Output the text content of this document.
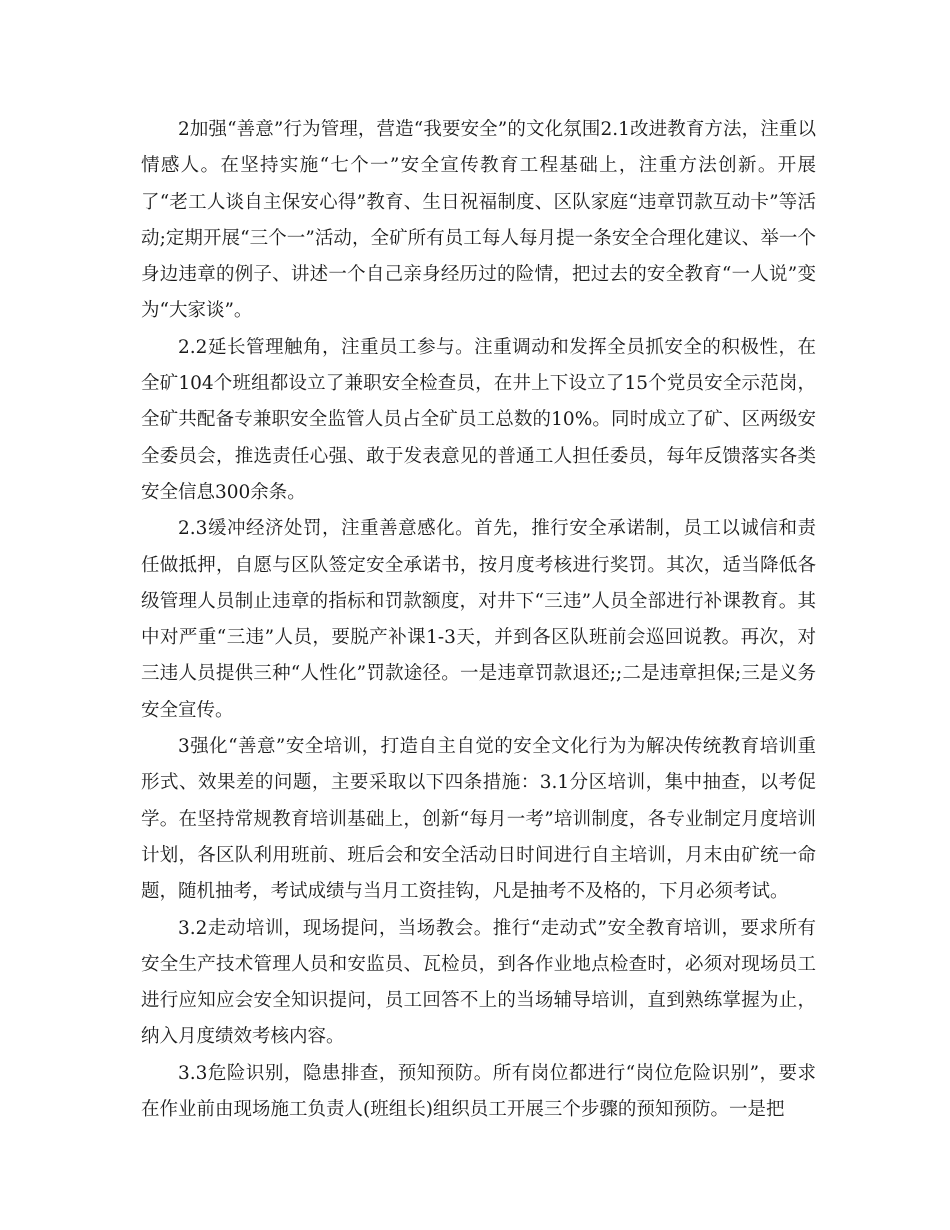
2加强“善意”行为管理，营造“我要安全”的文化氛围2.1改进教育方法，注重以情感人。在坚持实施“七个一”安全宣传教育工程基础上，注重方法创新。开展了“老工人谈自主保安心得”教育、生日祝福制度、区队家庭“违章罚款互动卡”等活动;定期开展“三个一”活动，全矿所有员工每人每月提一条安全合理化建议、举一个身边违章的例子、讲述一个自己亲身经历过的险情，把过去的安全教育“一人说”变为“大家谈”。

2.2延长管理触角，注重员工参与。注重调动和发挥全员抓安全的积极性，在全矿104个班组都设立了兼职安全检查员，在井上下设立了15个党员安全示范岗，全矿共配备专兼职安全监管人员占全矿员工总数的10%。同时成立了矿、区两级安全委员会，推选责任心强、敢于发表意见的普通工人担任委员，每年反馈落实各类安全信息300余条。

2.3缓冲经济处罚，注重善意感化。首先，推行安全承诺制，员工以诚信和责任做抵押，自愿与区队签定安全承诺书，按月度考核进行奖罚。其次，适当降低各级管理人员制止违章的指标和罚款额度，对井下“三违”人员全部进行补课教育。其中对严重“三违”人员，要脱产补课1-3天，并到各区队班前会巡回说教。再次，对三违人员提供三种“人性化”罚款途径。一是违章罚款退还;;二是违章担保;三是义务安全宣传。

3强化“善意”安全培训，打造自主自觉的安全文化行为为解决传统教育培训重形式、效果差的问题，主要采取以下四条措施：3.1分区培训，集中抽查，以考促学。在坚持常规教育培训基础上，创新“每月一考”培训制度，各专业制定月度培训计划，各区队利用班前、班后会和安全活动日时间进行自主培训，月末由矿统一命题，随机抽考，考试成绩与当月工资挂钩，凡是抽考不及格的，下月必须考试。

3.2走动培训，现场提问，当场教会。推行“走动式”安全教育培训，要求所有安全生产技术管理人员和安监员、瓦检员，到各作业地点检查时，必须对现场员工进行应知应会安全知识提问，员工回答不上的当场辅导培训，直到熟练掌握为止，纳入月度绩效考核内容。

3.3危险识别，隐患排查，预知预防。所有岗位都进行“岗位危险识别”，要求在作业前由现场施工负责人(班组长)组织员工开展三个步骤的预知预防。一是把
